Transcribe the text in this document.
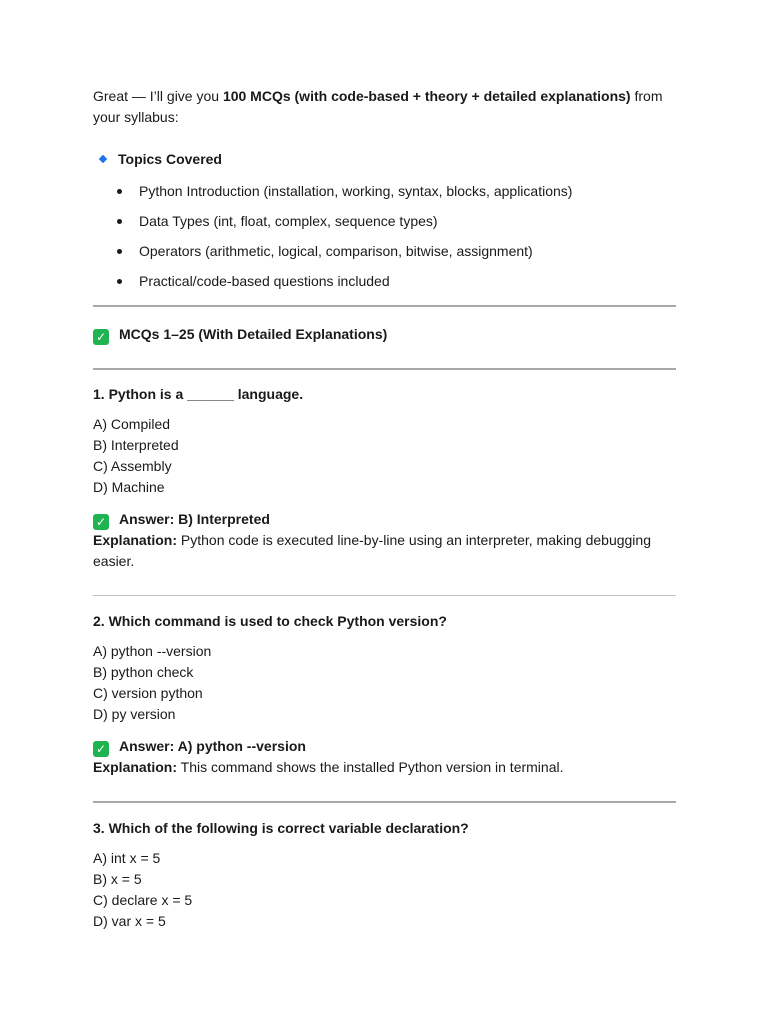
Great — I’ll give you 100 MCQs (with code-based + theory + detailed explanations) from your syllabus:
Topics Covered
Python Introduction (installation, working, syntax, blocks, applications)
Data Types (int, float, complex, sequence types)
Operators (arithmetic, logical, comparison, bitwise, assignment)
Practical/code-based questions included
✓ MCQs 1–25 (With Detailed Explanations)
1. Python is a ______ language.
A) Compiled
B) Interpreted
C) Assembly
D) Machine
✓ Answer: B) Interpreted
Explanation: Python code is executed line-by-line using an interpreter, making debugging easier.
2. Which command is used to check Python version?
A) python --version
B) python check
C) version python
D) py version
✓ Answer: A) python --version
Explanation: This command shows the installed Python version in terminal.
3. Which of the following is correct variable declaration?
A) int x = 5
B) x = 5
C) declare x = 5
D) var x = 5
